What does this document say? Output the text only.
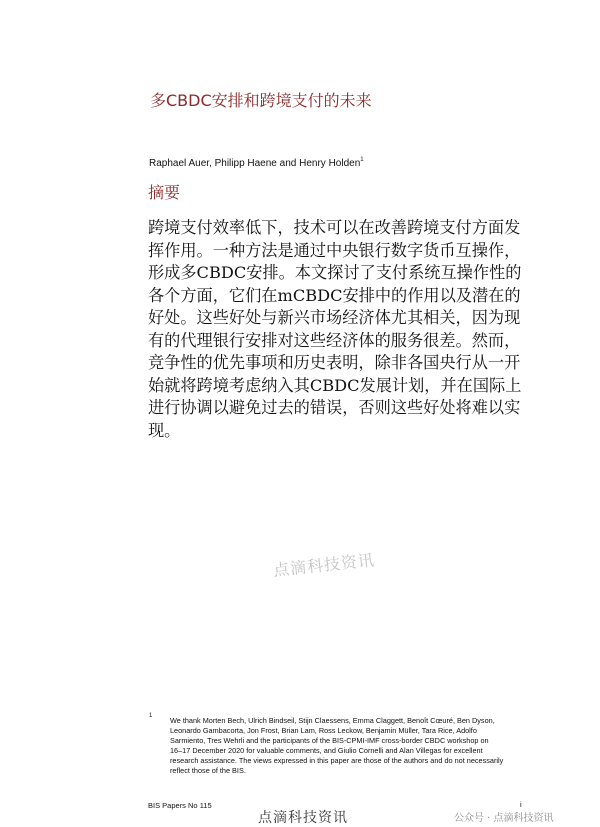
多CBDC安排和跨境支付的未来
Raphael Auer, Philipp Haene and Henry Holden$^1$
摘要
跨境支付效率低下，技术可以在改善跨境支付方面发
挥作用。一种方法是通过中央银行数字货币互操作，
形成多CBDC安排。本文探讨了支付系统互操作性的
各个方面，它们在mCBDC安排中的作用以及潜在的
好处。这些好处与新兴市场经济体尤其相关，因为现
有的代理银行安排对这些经济体的服务很差。然而，
竞争性的优先事项和历史表明，除非各国央行从一开
始就将跨境考虑纳入其CBDC发展计划，并在国际上
进行协调以避免过去的错误，否则这些好处将难以实
现。
点滴科技资讯
1 We thank Morten Bech, Ulrich Bindseil, Stijn Claessens, Emma Claggett, Benoît Cœuré, Ben Dyson,
Leonardo Gambacorta, Jon Frost, Brian Lam, Ross Leckow, Benjamin Müller, Tara Rice, Adolfo
Sarmiento, Tres Wehrli and the participants of the BIS-CPMI-IMF cross-border CBDC workshop on
16–17 December 2020 for valuable comments, and Giulio Cornelli and Alan Villegas for excellent
research assistance. The views expressed in this paper are those of the authors and do not necessarily
reflect those of the BIS.
BIS Papers No 115	i
点滴科技资讯	公众号 · 点滴科技资讯
